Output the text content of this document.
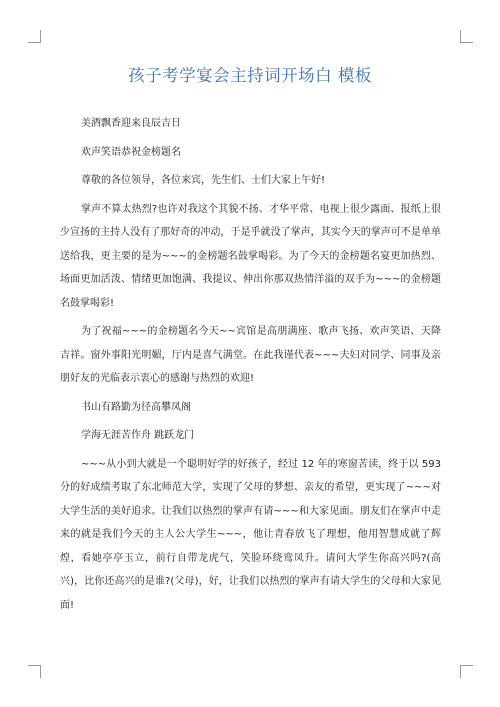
孩子考学宴会主持词开场白 模板

美酒飘香迎来良辰吉日

欢声笑语恭祝金榜题名

尊敬的各位领导，各位来宾，先生们、士们大家上午好!

掌声不算太热烈?也许对我这个其貌不扬、才华平常、电视上很少露面、报纸上很少宣扬的主持人没有了那好奇的冲动，于是乎就没了掌声，其实今天的掌声可不是单单送给我，更主要的是为~~~的金榜题名鼓掌喝彩。为了今天的金榜题名宴更加热烈、场面更加活泼、情绪更加饱满、我提议、伸出你那双热情洋溢的双手为~~~的金榜题名鼓掌喝彩!

为了祝福~~~的金榜题名今天~~宾馆是高朋满座、歌声飞扬、欢声笑语、天降吉祥。窗外事阳光明媚，厅内是喜气满堂。在此我谨代表~~~夫妇对同学、同事及亲朋好友的光临表示衷心的感谢与热烈的欢迎!

书山有路勤为径高攀凤阁

学海无涯苦作舟 跳跃龙门

~~~从小到大就是一个聪明好学的好孩子，经过 12 年的寒窗苦读，终于以 593 分的好成绩考取了东北师范大学，实现了父母的梦想、亲友的希望，更实现了~~~对大学生活的美好追求。让我们以热烈的掌声有请~~~和大家见面。朋友们在掌声中走来的就是我们今天的主人公大学生~~~，他让青春放飞了理想，他用智慧成就了辉煌，看她亭亭玉立，前行自带龙虎气，笑脸环绕鸾凤升。请问大学生你高兴吗?(高兴)，比你还高兴的是谁?(父母)，好，让我们以热烈的掌声有请大学生的父母和大家见面!
